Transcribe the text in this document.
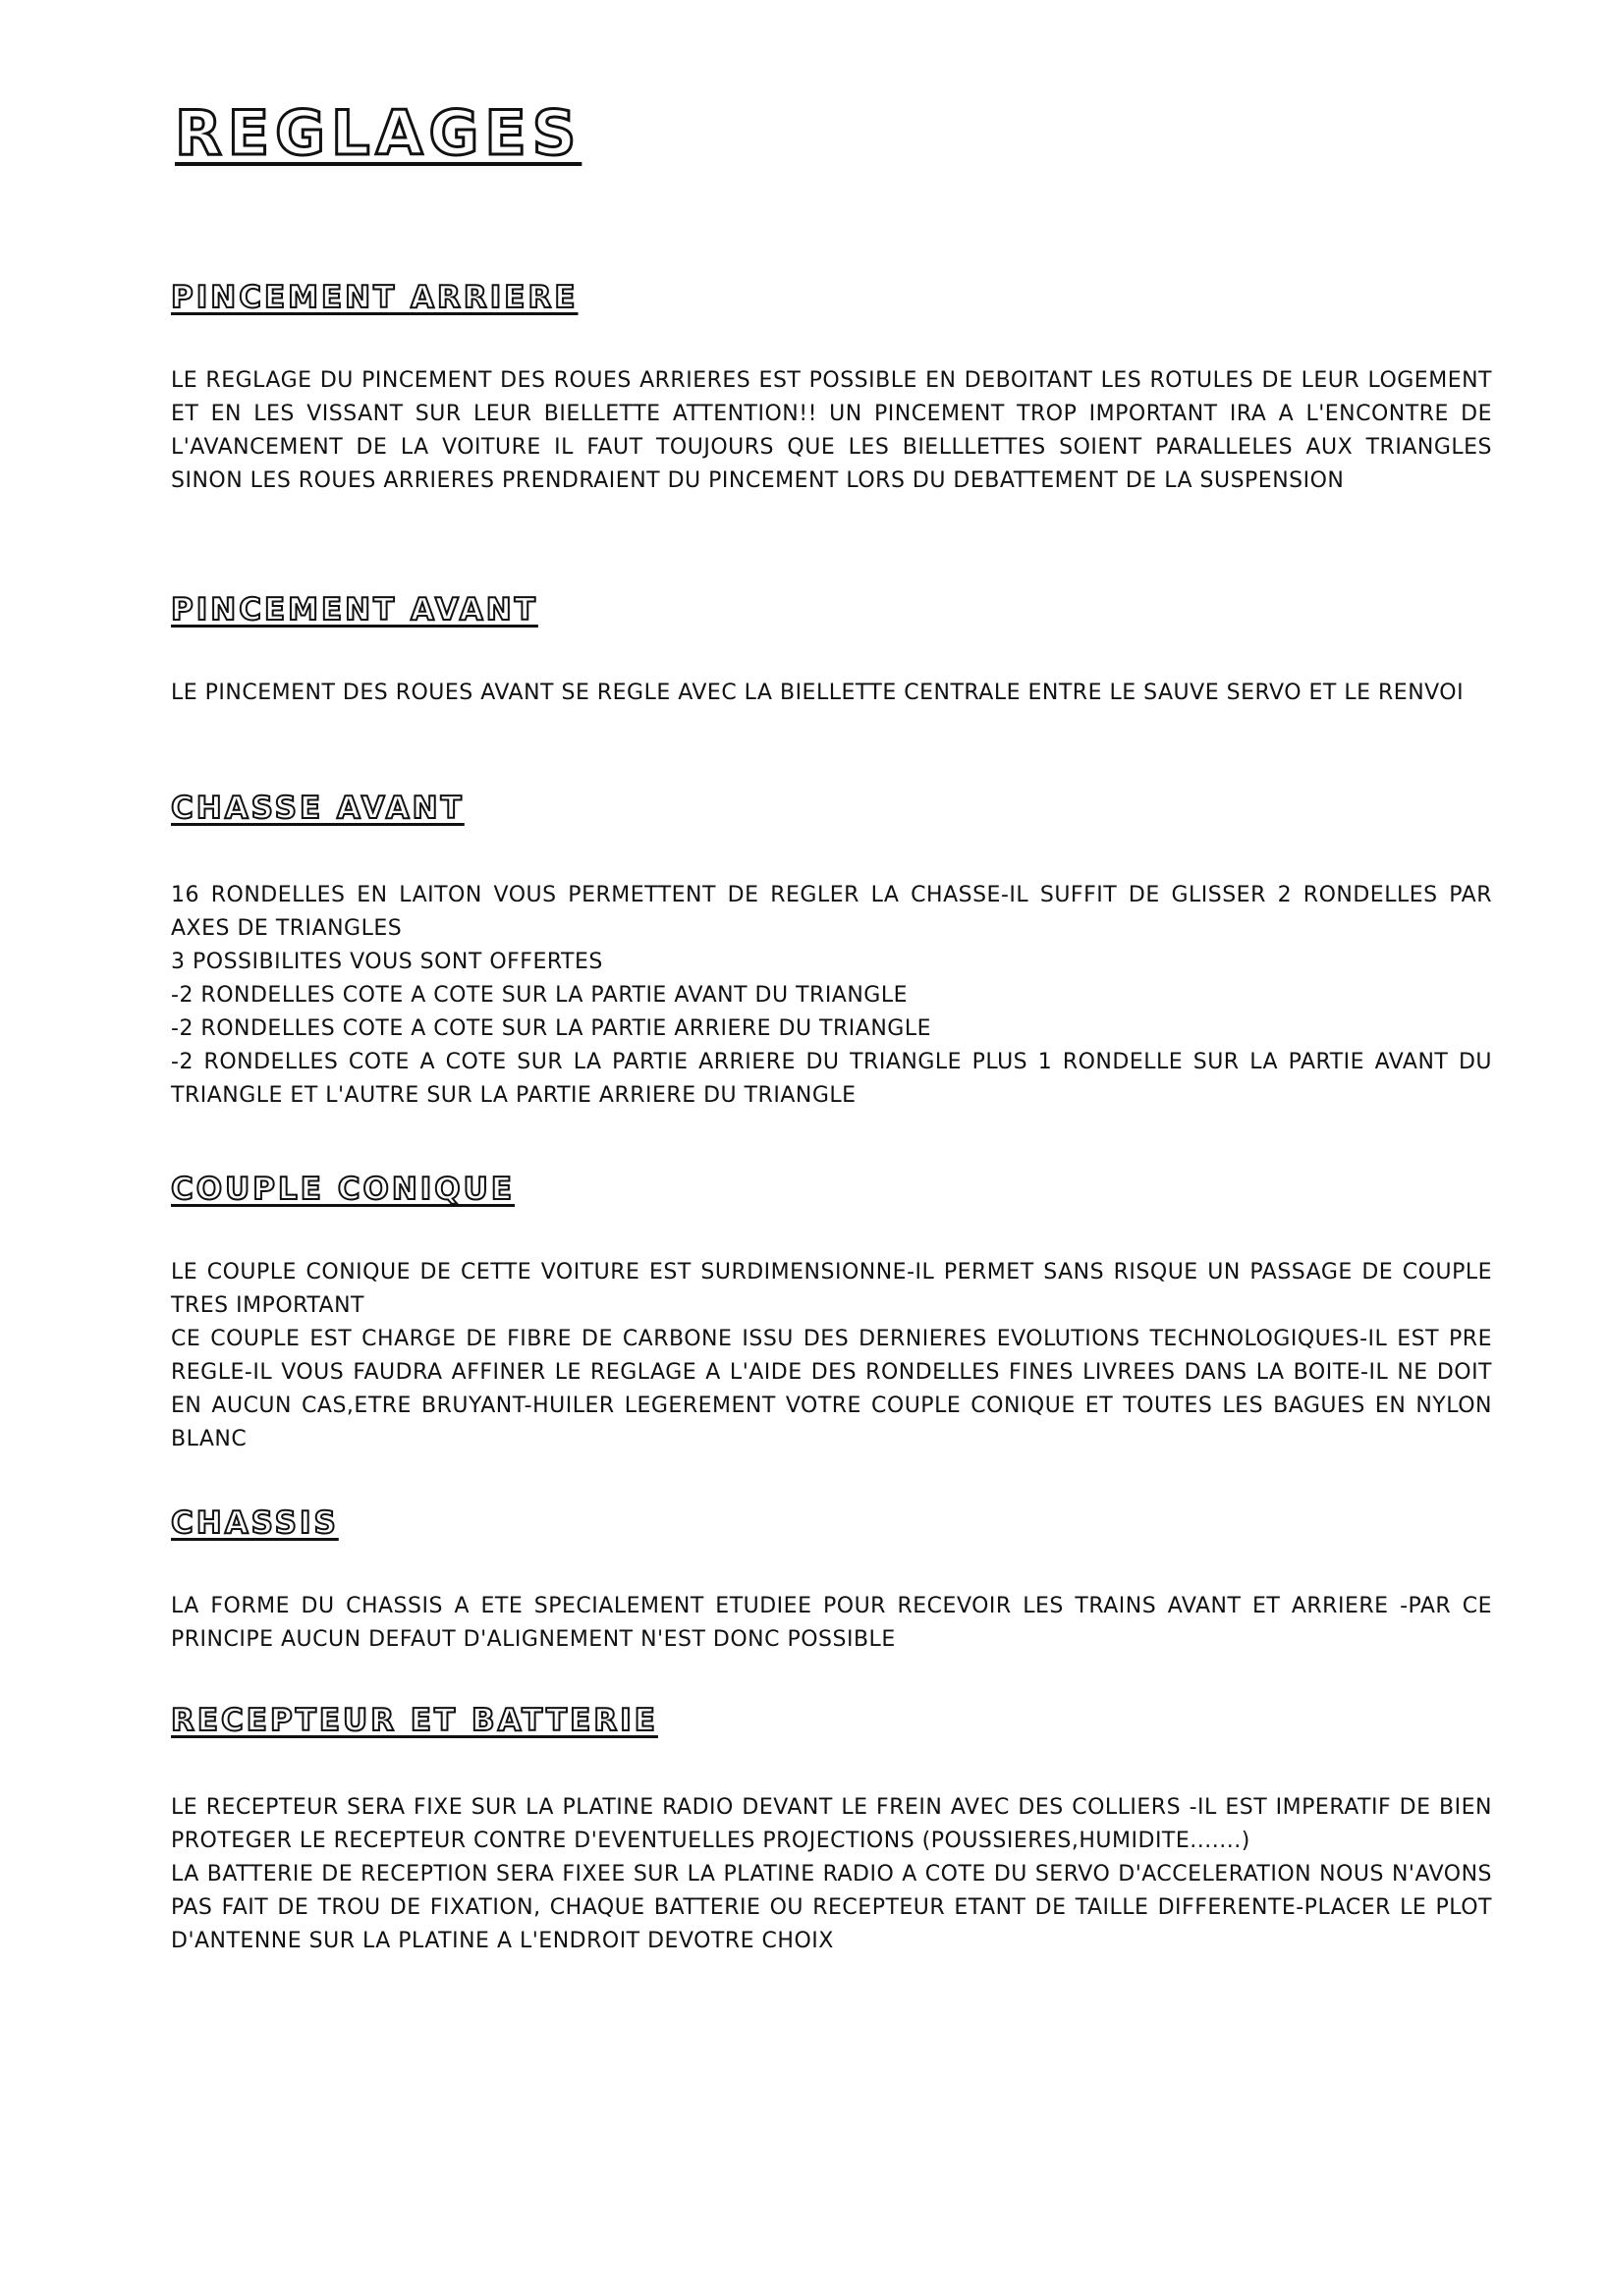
REGLAGES
PINCEMENT ARRIERE

LE REGLAGE DU PINCEMENT DES ROUES ARRIERES EST POSSIBLE EN DEBOITANT LES ROTULES DE LEUR LOGEMENT ET EN LES VISSANT SUR LEUR BIELLETTE ATTENTION!! UN PINCEMENT TROP IMPORTANT IRA A L'ENCONTRE DE L'AVANCEMENT DE LA VOITURE IL FAUT TOUJOURS QUE LES BIELLLETTES SOIENT PARALLELES AUX TRIANGLES SINON LES ROUES ARRIERES PRENDRAIENT DU PINCEMENT LORS DU DEBATTEMENT DE LA SUSPENSION

PINCEMENT AVANT

LE PINCEMENT DES ROUES AVANT SE REGLE AVEC LA BIELLETTE CENTRALE ENTRE LE SAUVE SERVO ET LE RENVOI

CHASSE AVANT

16 RONDELLES EN LAITON VOUS PERMETTENT DE REGLER LA CHASSE-IL SUFFIT DE GLISSER 2 RONDELLES PAR AXES DE TRIANGLES

3 POSSIBILITES VOUS SONT OFFERTES

-2 RONDELLES COTE A COTE SUR LA PARTIE AVANT DU TRIANGLE

-2 RONDELLES COTE A COTE SUR LA PARTIE ARRIERE DU TRIANGLE

-2 RONDELLES COTE A COTE SUR LA PARTIE ARRIERE DU TRIANGLE PLUS 1 RONDELLE SUR LA PARTIE AVANT DU TRIANGLE ET L'AUTRE SUR LA PARTIE ARRIERE DU TRIANGLE

COUPLE CONIQUE

LE COUPLE CONIQUE DE CETTE VOITURE EST SURDIMENSIONNE-IL PERMET SANS RISQUE UN PASSAGE DE COUPLE TRES IMPORTANT

CE COUPLE EST CHARGE DE FIBRE DE CARBONE ISSU DES DERNIERES EVOLUTIONS TECHNOLOGIQUES-IL EST PRE REGLE-IL VOUS FAUDRA AFFINER LE REGLAGE A L'AIDE DES RONDELLES FINES LIVREES DANS LA BOITE-IL NE DOIT EN AUCUN CAS,ETRE BRUYANT-HUILER LEGEREMENT VOTRE COUPLE CONIQUE ET TOUTES LES BAGUES EN NYLON BLANC

CHASSIS

LA FORME DU CHASSIS A ETE SPECIALEMENT ETUDIEE POUR RECEVOIR LES TRAINS AVANT ET ARRIERE -PAR CE PRINCIPE AUCUN DEFAUT D'ALIGNEMENT N'EST DONC POSSIBLE

RECEPTEUR ET BATTERIE

LE RECEPTEUR SERA FIXE SUR LA PLATINE RADIO DEVANT LE FREIN AVEC DES COLLIERS -IL EST IMPERATIF DE BIEN PROTEGER LE RECEPTEUR CONTRE D'EVENTUELLES PROJECTIONS (POUSSIERES,HUMIDITE.......)

LA BATTERIE DE RECEPTION SERA FIXEE SUR LA PLATINE RADIO A COTE DU SERVO D'ACCELERATION NOUS N'AVONS PAS FAIT DE TROU DE FIXATION, CHAQUE BATTERIE OU RECEPTEUR ETANT DE TAILLE DIFFERENTE-PLACER LE PLOT D'ANTENNE SUR LA PLATINE A L'ENDROIT DEVOTRE CHOIX
